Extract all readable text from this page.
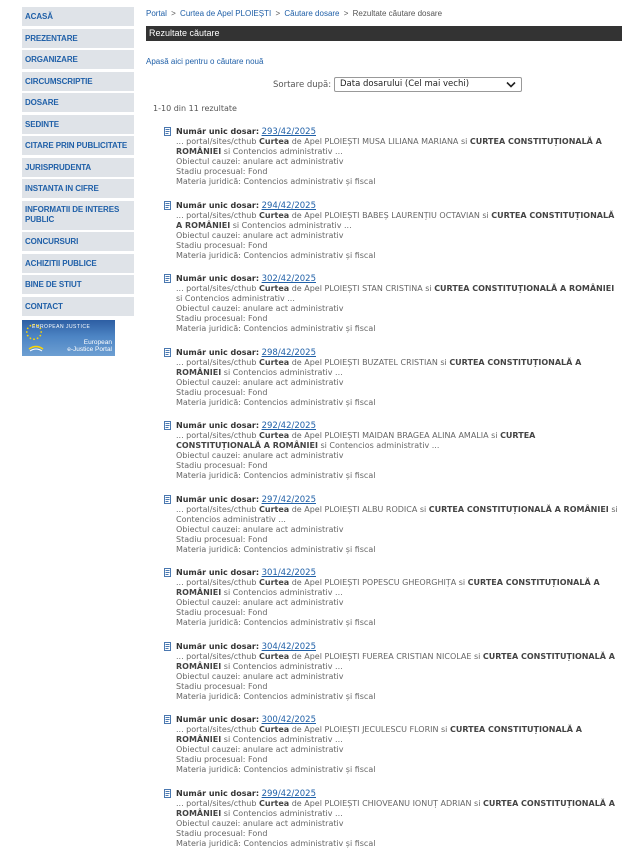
ACASĂ
PREZENTARE
ORGANIZARE
CIRCUMSCRIPTIE
DOSARE
SEDINTE
CITARE PRIN PUBLICITATE
JURISPRUDENTA
INSTANTA IN CIFRE
INFORMATII DE INTERES PUBLIC
CONCURSURI
ACHIZITII PUBLICE
BINE DE STIUT
CONTACT
EUROPEAN JUSTICE
European
e-Justice Portal
Portal > Curtea de Apel PLOIEȘTI > Căutare dosare > Rezultate căutare dosare
Rezultate căutare
Apasă aici pentru o căutare nouă
Sortare după:	Data dosarului (Cel mai vechi)
1-10 din 11 rezultate
Număr unic dosar: 293/42/2025
... portal/sites/cthub Curtea de Apel PLOIEȘTI MUSA LILIANA MARIANA si CURTEA CONSTITUȚIONALĂ A ROMÂNIEI si Contencios administrativ ...
Obiectul cauzei: anulare act administrativ
Stadiu procesual: Fond
Materia juridică: Contencios administrativ și fiscal
Număr unic dosar: 294/42/2025
... portal/sites/cthub Curtea de Apel PLOIEȘTI BABEȘ LAURENȚIU OCTAVIAN si CURTEA CONSTITUȚIONALĂ A ROMÂNIEI si Contencios administrativ ...
Obiectul cauzei: anulare act administrativ
Stadiu procesual: Fond
Materia juridică: Contencios administrativ și fiscal
Număr unic dosar: 302/42/2025
... portal/sites/cthub Curtea de Apel PLOIEȘTI STAN CRISTINA si CURTEA CONSTITUȚIONALĂ A ROMÂNIEI si Contencios administrativ ...
Obiectul cauzei: anulare act administrativ
Stadiu procesual: Fond
Materia juridică: Contencios administrativ și fiscal
Număr unic dosar: 298/42/2025
... portal/sites/cthub Curtea de Apel PLOIEȘTI BUZATEL CRISTIAN si CURTEA CONSTITUȚIONALĂ A ROMÂNIEI si Contencios administrativ ...
Obiectul cauzei: anulare act administrativ
Stadiu procesual: Fond
Materia juridică: Contencios administrativ și fiscal
Număr unic dosar: 292/42/2025
... portal/sites/cthub Curtea de Apel PLOIEȘTI MAIDAN BRAGEA ALINA AMALIA si CURTEA CONSTITUȚIONALĂ A ROMÂNIEI si Contencios administrativ ...
Obiectul cauzei: anulare act administrativ
Stadiu procesual: Fond
Materia juridică: Contencios administrativ și fiscal
Număr unic dosar: 297/42/2025
... portal/sites/cthub Curtea de Apel PLOIEȘTI ALBU RODICA si CURTEA CONSTITUȚIONALĂ A ROMÂNIEI si Contencios administrativ ...
Obiectul cauzei: anulare act administrativ
Stadiu procesual: Fond
Materia juridică: Contencios administrativ și fiscal
Număr unic dosar: 301/42/2025
... portal/sites/cthub Curtea de Apel PLOIEȘTI POPESCU GHEORGHIȚA si CURTEA CONSTITUȚIONALĂ A ROMÂNIEI si Contencios administrativ ...
Obiectul cauzei: anulare act administrativ
Stadiu procesual: Fond
Materia juridică: Contencios administrativ și fiscal
Număr unic dosar: 304/42/2025
... portal/sites/cthub Curtea de Apel PLOIEȘTI FUEREA CRISTIAN NICOLAE si CURTEA CONSTITUȚIONALĂ A ROMÂNIEI si Contencios administrativ ...
Obiectul cauzei: anulare act administrativ
Stadiu procesual: Fond
Materia juridică: Contencios administrativ și fiscal
Număr unic dosar: 300/42/2025
... portal/sites/cthub Curtea de Apel PLOIEȘTI JECULESCU FLORIN si CURTEA CONSTITUȚIONALĂ A ROMÂNIEI si Contencios administrativ ...
Obiectul cauzei: anulare act administrativ
Stadiu procesual: Fond
Materia juridică: Contencios administrativ și fiscal
Număr unic dosar: 299/42/2025
... portal/sites/cthub Curtea de Apel PLOIEȘTI CHIOVEANU IONUȚ ADRIAN si CURTEA CONSTITUȚIONALĂ A ROMÂNIEI si Contencios administrativ ...
Obiectul cauzei: anulare act administrativ
Stadiu procesual: Fond
Materia juridică: Contencios administrativ și fiscal
